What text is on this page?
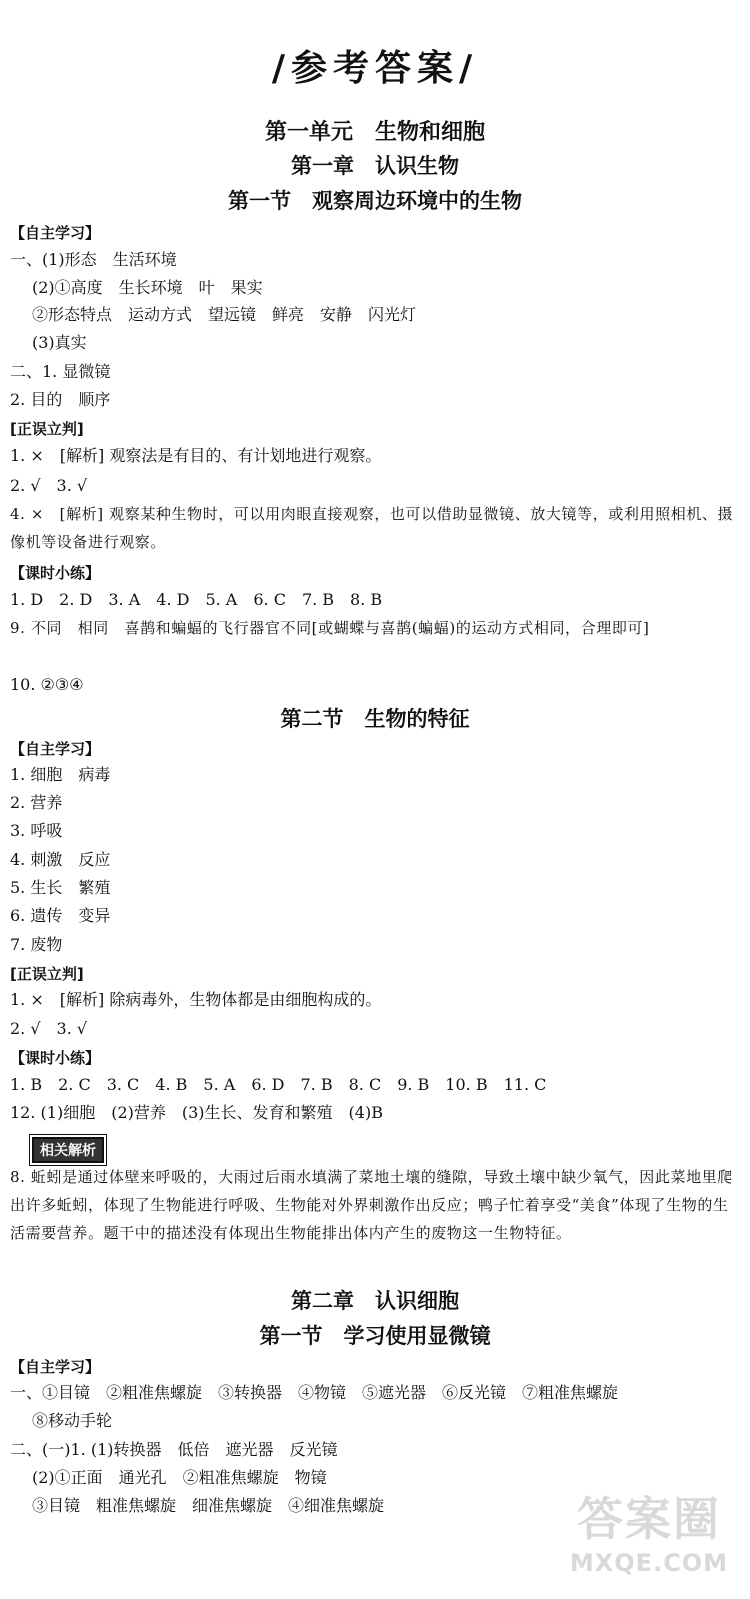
/参考答案/
第一单元　生物和细胞
第一章　认识生物
第一节　观察周边环境中的生物
【自主学习】
一、(1)形态　生活环境
(2)①高度　生长环境　叶　果实
②形态特点　运动方式　望远镜　鲜亮　安静　闪光灯
(3)真实
二、1. 显微镜
2. 目的　顺序
[正误立判]
1. ×　[解析] 观察法是有目的、有计划地进行观察。
2. √　3. √
4. ×　[解析] 观察某种生物时，可以用肉眼直接观察，也可以借助显微镜、放大镜等，或利用照相机、摄像机等设备进行观察。
【课时小练】
1. D　2. D　3. A　4. D　5. A　6. C　7. B　8. B
9. 不同　相同　喜鹊和蝙蝠的飞行器官不同[或蝴蝶与喜鹊(蝙蝠)的运动方式相同，合理即可]
10. ②③④
第二节　生物的特征
【自主学习】
1. 细胞　病毒
2. 营养
3. 呼吸
4. 刺激　反应
5. 生长　繁殖
6. 遗传　变异
7. 废物
[正误立判]
1. ×　[解析] 除病毒外，生物体都是由细胞构成的。
2. √　3. √
【课时小练】
1. B　2. C　3. C　4. B　5. A　6. D　7. B　8. C　9. B　10. B　11. C
12. (1)细胞　(2)营养　(3)生长、发育和繁殖　(4)B
相关解析
8. 蚯蚓是通过体壁来呼吸的，大雨过后雨水填满了菜地土壤的缝隙，导致土壤中缺少氧气，因此菜地里爬出许多蚯蚓，体现了生物能进行呼吸、生物能对外界刺激作出反应；鸭子忙着享受“美食”体现了生物的生活需要营养。题干中的描述没有体现出生物能排出体内产生的废物这一生物特征。
第二章　认识细胞
第一节　学习使用显微镜
【自主学习】
一、①目镜　②粗准焦螺旋　③转换器　④物镜　⑤遮光器　⑥反光镜　⑦粗准焦螺旋
⑧移动手轮
二、(一)1. (1)转换器　低倍　遮光器　反光镜
(2)①正面　通光孔　②粗准焦螺旋　物镜
③目镜　粗准焦螺旋　细准焦螺旋　④细准焦螺旋	答案圈
MXQE.COM
